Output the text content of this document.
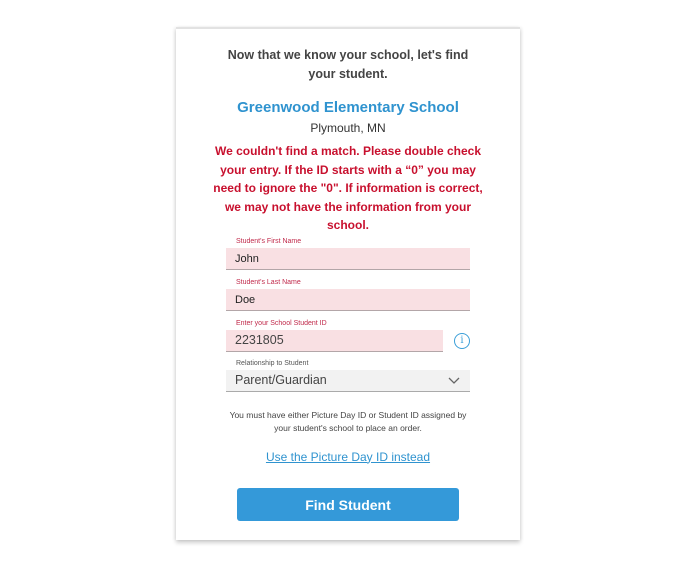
Now that we know your school, let's find your student.
Greenwood Elementary School
Plymouth, MN
We couldn't find a match. Please double check your entry. If the ID starts with a “0” you may need to ignore the "0". If information is correct, we may not have the information from your school.
Student's First Name
John
Student's Last Name
Doe
Enter your School Student ID
2231805	i
Relationship to Student
Parent/Guardian
You must have either Picture Day ID or Student ID assigned by your student's school to place an order.
Use the Picture Day ID instead
Find Student
